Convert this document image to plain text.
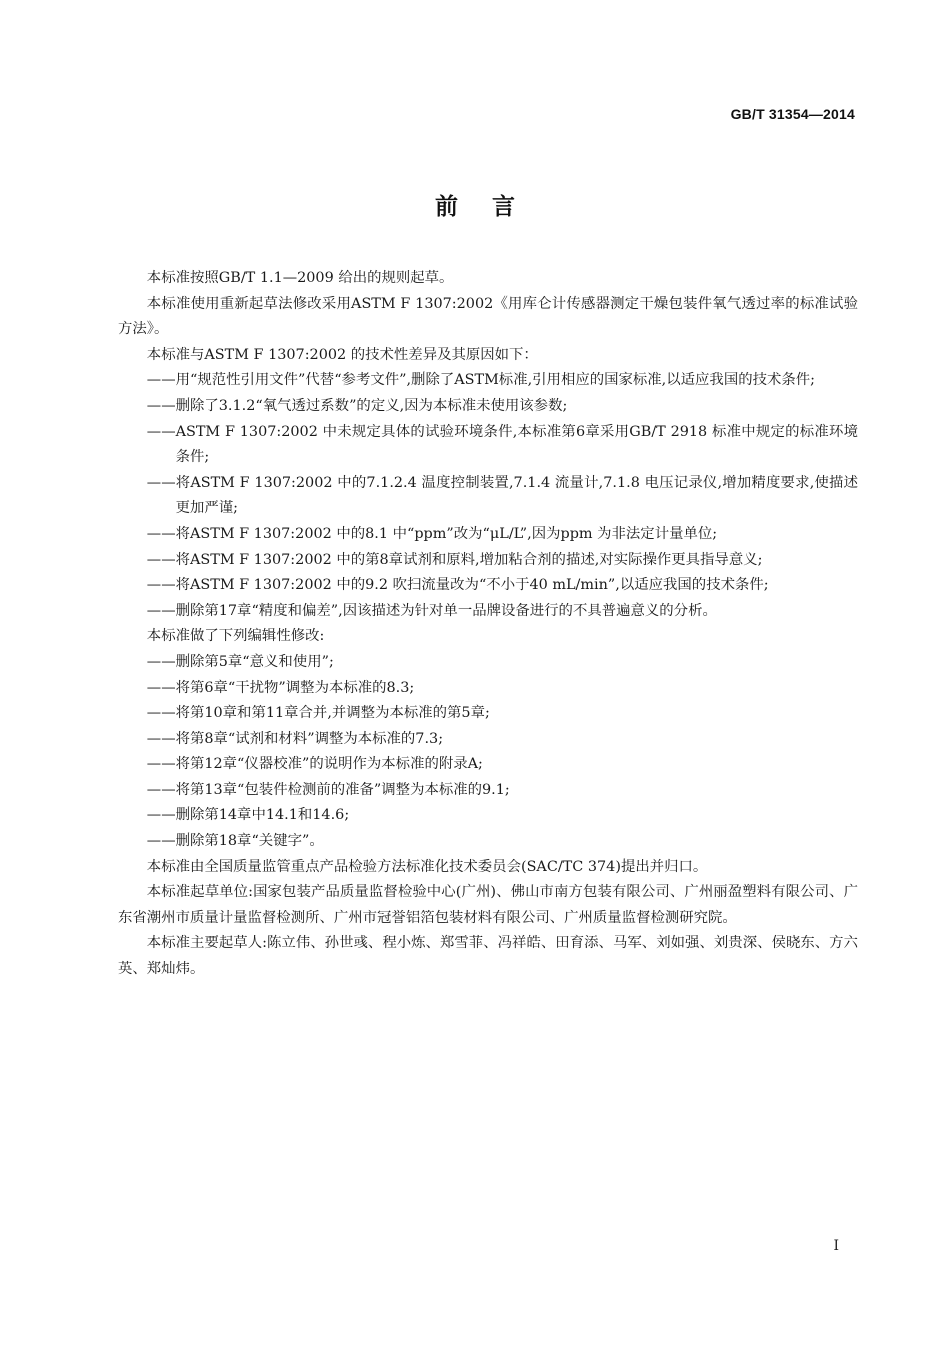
GB/T 31354—2014
前言

本标准按照GB/T 1.1—2009 给出的规则起草。

本标准使用重新起草法修改采用ASTM F 1307:2002《用库仑计传感器测定干燥包装件氧气透过率的标准试验方法》。

本标准与ASTM F 1307:2002 的技术性差异及其原因如下：

——用“规范性引用文件”代替“参考文件”,删除了ASTM标准,引用相应的国家标准,以适应我国的技术条件;

——删除了3.1.2“氧气透过系数”的定义,因为本标准未使用该参数;

——ASTM F 1307:2002 中未规定具体的试验环境条件,本标准第6章采用GB/T 2918 标准中规定的标准环境条件;

——将ASTM F 1307:2002 中的7.1.2.4 温度控制装置,7.1.4 流量计,7.1.8 电压记录仪,增加精度要求,使描述更加严谨;

——将ASTM F 1307:2002 中的8.1 中“ppm”改为“μL/L”,因为ppm 为非法定计量单位;

——将ASTM F 1307:2002 中的第8章试剂和原料,增加粘合剂的描述,对实际操作更具指导意义;

——将ASTM F 1307:2002 中的9.2 吹扫流量改为“不小于40 mL/min”,以适应我国的技术条件;

——删除第17章“精度和偏差”,因该描述为针对单一品牌设备进行的不具普遍意义的分析。

本标准做了下列编辑性修改:

——删除第5章“意义和使用”;

——将第6章“干扰物”调整为本标准的8.3;

——将第10章和第11章合并,并调整为本标准的第5章;

——将第8章“试剂和材料”调整为本标准的7.3;

——将第12章“仪器校准”的说明作为本标准的附录A;

——将第13章“包装件检测前的准备”调整为本标准的9.1;

——删除第14章中14.1和14.6;

——删除第18章“关键字”。

本标准由全国质量监管重点产品检验方法标准化技术委员会(SAC/TC 374)提出并归口。

本标准起草单位:国家包装产品质量监督检验中心(广州)、佛山市南方包装有限公司、广州丽盈塑料有限公司、广东省潮州市质量计量监督检测所、广州市冠誉铝箔包装材料有限公司、广州质量监督检测研究院。

本标准主要起草人:陈立伟、孙世彧、程小炼、郑雪菲、冯祥皓、田育添、马军、刘如强、刘贵深、侯晓东、方六英、郑灿炜。

I
